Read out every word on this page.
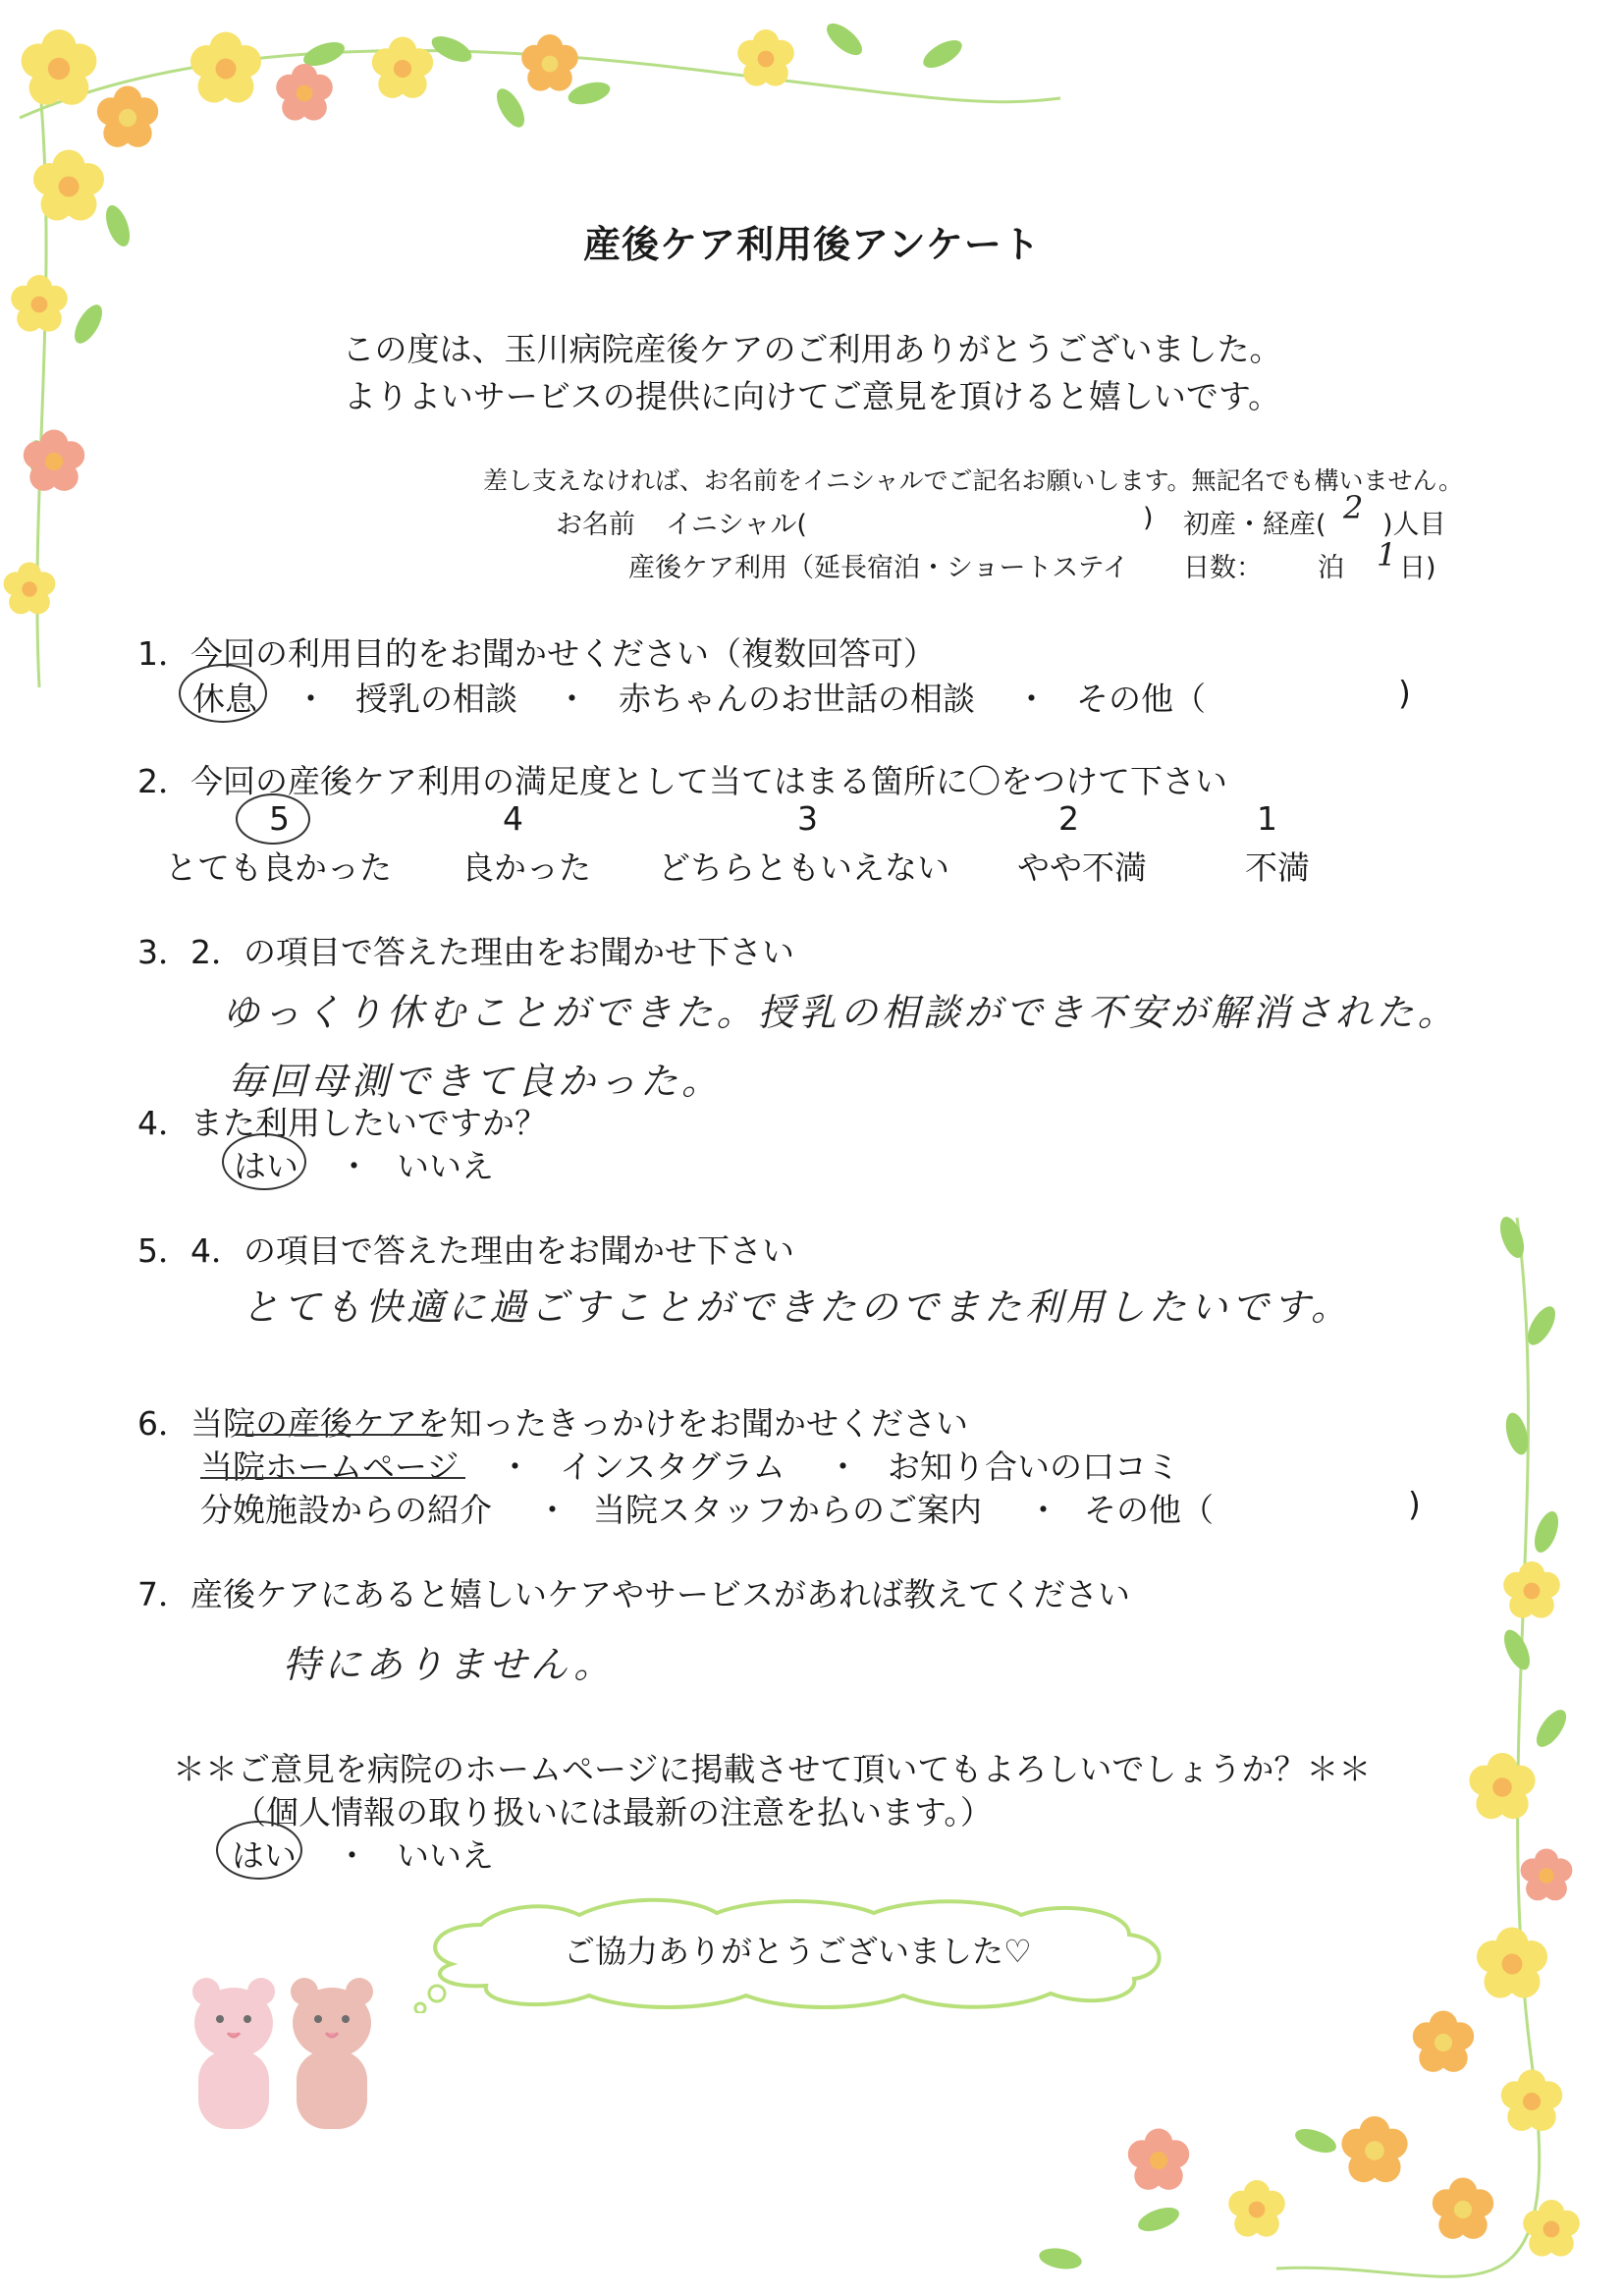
産後ケア利用後アンケート
この度は、玉川病院産後ケアのご利用ありがとうございました。
よりよいサービスの提供に向けてご意見を頂けると嬉しいです。
差し支えなければ、お名前をイニシャルでご記名お願いします。無記名でも構いません。
お名前 イニシャル(	) 初産・経産( 2 )人目
産後ケア利用（延長宿泊・ショートステイ 日数： 泊 1
日)
1．今回の利用目的をお聞かせください（複数回答可）
休息 ・ 授乳の相談 ・ 赤ちゃんのお世話の相談 ・ その他（	)
2．今回の産後ケア利用の満足度として当てはまる箇所に〇をつけて下さい
5	4	3	2	1
とても良かった 良かった どちらともいえない やや不満	不満
3．2．の項目で答えた理由をお聞かせ下さい
ゆっくり休むことができた。授乳の相談ができ不安が解消された。
毎回母測できて良かった。
4．また利用したいですか？
はい ・ いいえ
5．4．の項目で答えた理由をお聞かせ下さい
とても快適に過ごすことができたのでまた利用したいです。
6．当院の産後ケアを知ったきっかけをお聞かせください
当院ホームページ ・ インスタグラム ・ お知り合いの口コミ
分娩施設からの紹介 ・ 当院スタッフからのご案内 ・ その他（	)
7．産後ケアにあると嬉しいケアやサービスがあれば教えてください
特にありません。
＊＊ご意見を病院のホームページに掲載させて頂いてもよろしいでしょうか？＊＊
（個人情報の取り扱いには最新の注意を払います。）
はい ・ いいえ
ご協力ありがとうございました♡
